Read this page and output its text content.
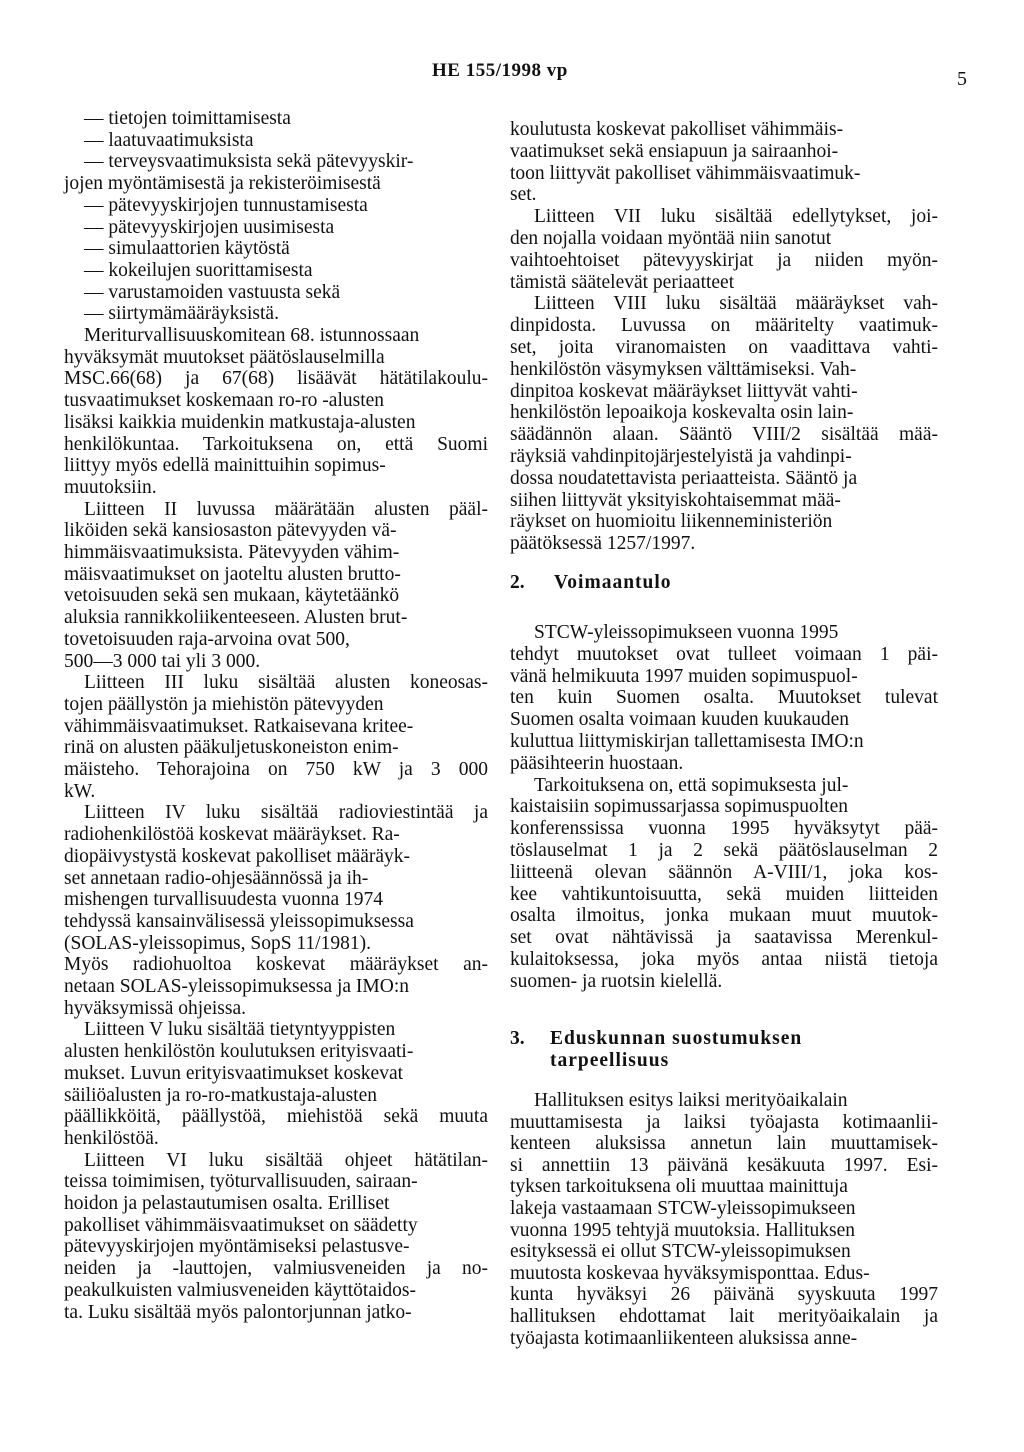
HE 155/1998 vp	5
— tietojen toimittamisesta
— laatuvaatimuksista
— terveysvaatimuksista sekä pätevyyskir-
jojen myöntämisestä ja rekisteröimisestä
— pätevyyskirjojen tunnustamisesta
— pätevyyskirjojen uusimisesta
— simulaattorien käytöstä
— kokeilujen suorittamisesta
— varustamoiden vastuusta sekä
— siirtymämääräyksistä.
Meriturvallisuuskomitean 68. istunnossaan
hyväksymät muutokset päätöslauselmilla
MSC.66(68) ja 67(68) lisäävät hätätilakoulu-
tusvaatimukset koskemaan ro-ro -alusten
lisäksi kaikkia muidenkin matkustaja-alusten
henkilökuntaa. Tarkoituksena on, että Suomi
liittyy myös edellä mainittuihin sopimus-
muutoksiin.
Liitteen II luvussa määrätään alusten pääl-
liköiden sekä kansiosaston pätevyyden vä-
himmäisvaatimuksista. Pätevyyden vähim-
mäisvaatimukset on jaoteltu alusten brutto-
vetoisuuden sekä sen mukaan, käytetäänkö
aluksia rannikkoliikenteeseen. Alusten brut-
tovetoisuuden raja-arvoina ovat 500,
500—3 000 tai yli 3 000.
Liitteen III luku sisältää alusten koneosas-
tojen päällystön ja miehistön pätevyyden
vähimmäisvaatimukset. Ratkaisevana kritee-
rinä on alusten pääkuljetuskoneiston enim-
mäisteho. Tehorajoina on 750 kW ja 3 000
kW.
Liitteen IV luku sisältää radioviestintää ja
radiohenkilöstöä koskevat määräykset. Ra-
diopäivystystä koskevat pakolliset määräyk-
set annetaan radio-ohjesäännössä ja ih-
mishengen turvallisuudesta vuonna 1974
tehdyssä kansainvälisessä yleissopimuksessa
(SOLAS-yleissopimus, SopS 11/1981).
Myös radiohuoltoa koskevat määräykset an-
netaan SOLAS-yleissopimuksessa ja IMO:n
hyväksymissä ohjeissa.
Liitteen V luku sisältää tietyntyyppisten
alusten henkilöstön koulutuksen erityisvaati-
mukset. Luvun erityisvaatimukset koskevat
säiliöalusten ja ro-ro-matkustaja-alusten
päällikköitä, päällystöä, miehistöä sekä muuta
henkilöstöä.
Liitteen VI luku sisältää ohjeet hätätilan-
teissa toimimisen, työturvallisuuden, sairaan-
hoidon ja pelastautumisen osalta. Erilliset
pakolliset vähimmäisvaatimukset on säädetty
pätevyyskirjojen myöntämiseksi pelastusve-
neiden ja -lauttojen, valmiusveneiden ja no-
peakulkuisten valmiusveneiden käyttötaidos-
ta. Luku sisältää myös palontorjunnan jatko-
koulutusta koskevat pakolliset vähimmäis-
vaatimukset sekä ensiapuun ja sairaanhoi-
toon liittyvät pakolliset vähimmäisvaatimuk-
set.
Liitteen VII luku sisältää edellytykset, joi-
den nojalla voidaan myöntää niin sanotut
vaihtoehtoiset pätevyyskirjat ja niiden myön-
tämistä säätelevät periaatteet
Liitteen VIII luku sisältää määräykset vah-
dinpidosta. Luvussa on määritelty vaatimuk-
set, joita viranomaisten on vaadittava vahti-
henkilöstön väsymyksen välttämiseksi. Vah-
dinpitoa koskevat määräykset liittyvät vahti-
henkilöstön lepoaikoja koskevalta osin lain-
säädännön alaan. Sääntö VIII/2 sisältää mää-
räyksiä vahdinpitojärjestelyistä ja vahdinpi-
dossa noudatettavista periaatteista. Sääntö ja
siihen liittyvät yksityiskohtaisemmat mää-
räykset on huomioitu liikenneministeriön
päätöksessä 1257/1997.
2. Voimaantulo
STCW-yleissopimukseen vuonna 1995
tehdyt muutokset ovat tulleet voimaan 1 päi-
vänä helmikuuta 1997 muiden sopimuspuol-
ten kuin Suomen osalta. Muutokset tulevat
Suomen osalta voimaan kuuden kuukauden
kuluttua liittymiskirjan tallettamisesta IMO:n
pääsihteerin huostaan.
Tarkoituksena on, että sopimuksesta jul-
kaistaisiin sopimussarjassa sopimuspuolten
konferenssissa vuonna 1995 hyväksytyt pää-
töslauselmat 1 ja 2 sekä päätöslauselman 2
liitteenä olevan säännön A-VIII/1, joka kos-
kee vahtikuntoisuutta, sekä muiden liitteiden
osalta ilmoitus, jonka mukaan muut muutok-
set ovat nähtävissä ja saatavissa Merenkul-
kulaitoksessa, joka myös antaa niistä tietoja
suomen- ja ruotsin kielellä.
3. Eduskunnan suostumuksen
tarpeellisuus
Hallituksen esitys laiksi merityöaikalain
muuttamisesta ja laiksi työajasta kotimaanlii-
kenteen aluksissa annetun lain muuttamisek-
si annettiin 13 päivänä kesäkuuta 1997. Esi-
tyksen tarkoituksena oli muuttaa mainittuja
lakeja vastaamaan STCW-yleissopimukseen
vuonna 1995 tehtyjä muutoksia. Hallituksen
esityksessä ei ollut STCW-yleissopimuksen
muutosta koskevaa hyväksymisponttaa. Edus-
kunta hyväksyi 26 päivänä syyskuuta 1997
hallituksen ehdottamat lait merityöaikalain ja
työajasta kotimaanliikenteen aluksissa anne-
